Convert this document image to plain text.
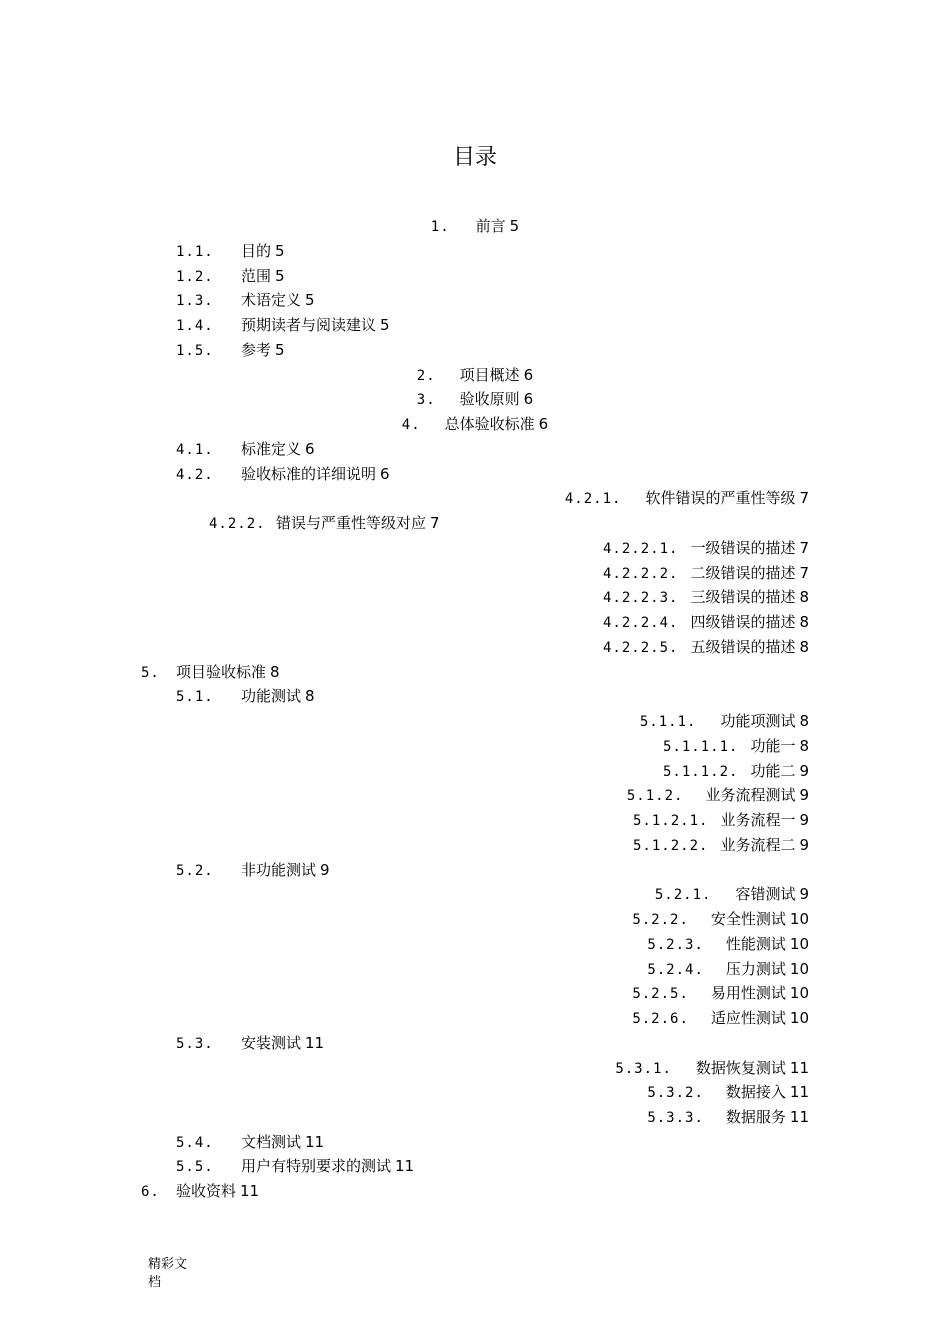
目录
1. 前言 5
1.1. 目的 5
1.2. 范围 5
1.3. 术语定义 5
1.4. 预期读者与阅读建议 5
1.5. 参考 5
2. 项目概述 6
3. 验收原则 6
4. 总体验收标准 6
4.1. 标准定义 6
4.2. 验收标准的详细说明 6
4.2.1. 软件错误的严重性等级 7
4.2.2. 错误与严重性等级对应 7
4.2.2.1. 一级错误的描述 7
4.2.2.2. 二级错误的描述 7
4.2.2.3. 三级错误的描述 8
4.2.2.4. 四级错误的描述 8
4.2.2.5. 五级错误的描述 8
5. 项目验收标准 8
5.1. 功能测试 8
5.1.1. 功能项测试 8
5.1.1.1. 功能一 8
5.1.1.2. 功能二 9
5.1.2. 业务流程测试 9
5.1.2.1. 业务流程一 9
5.1.2.2. 业务流程二 9
5.2. 非功能测试 9
5.2.1. 容错测试 9
5.2.2. 安全性测试 10
5.2.3. 性能测试 10
5.2.4. 压力测试 10
5.2.5. 易用性测试 10
5.2.6. 适应性测试 10
5.3. 安装测试 11
5.3.1. 数据恢复测试 11
5.3.2. 数据接入 11
5.3.3. 数据服务 11
5.4. 文档测试 11
5.5. 用户有特别要求的测试 11
6. 验收资料 11
精彩文档
